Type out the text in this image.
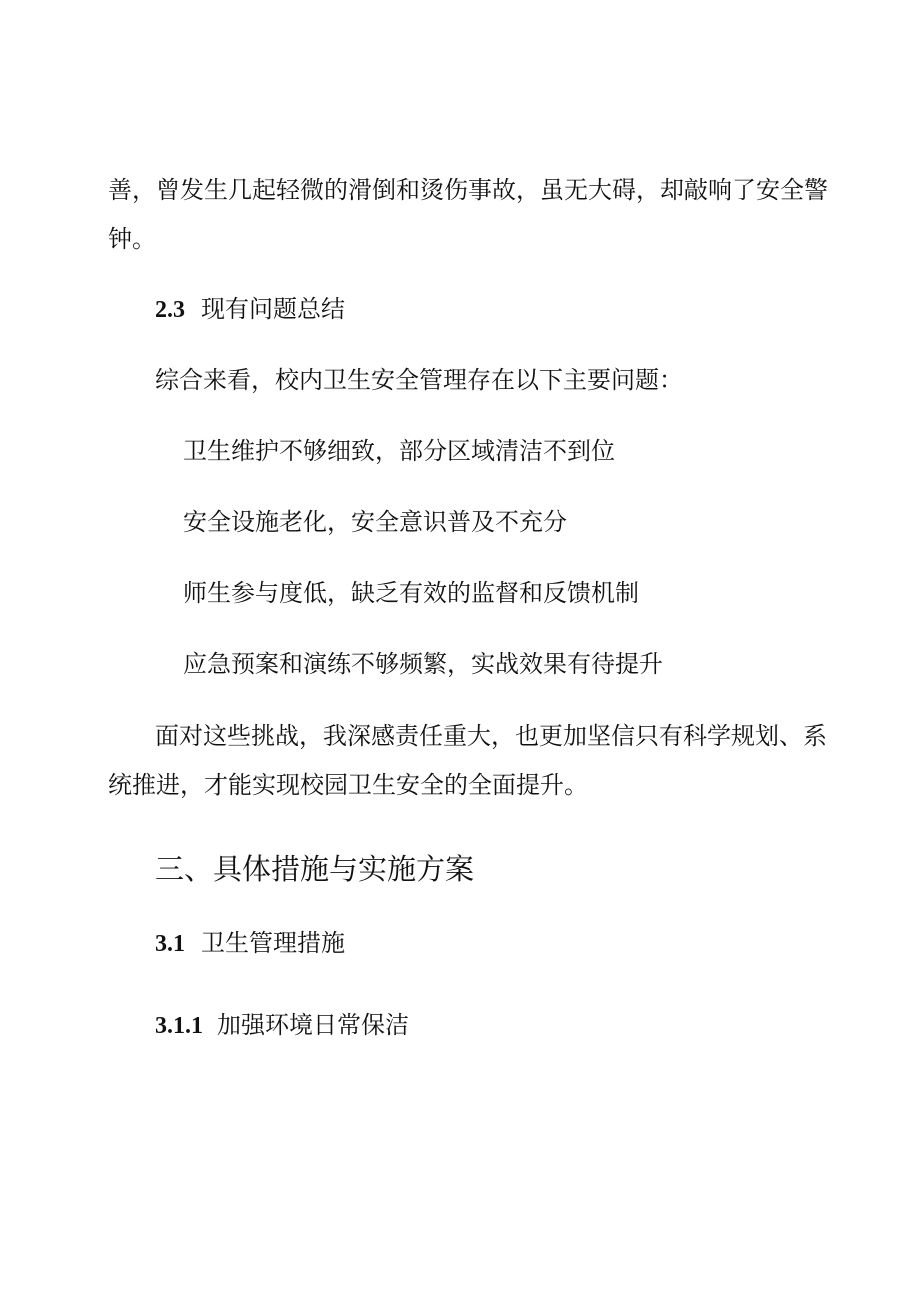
善，曾发生几起轻微的滑倒和烫伤事故，虽无大碍，却敲响了安全警
钟。
2.3 现有问题总结
综合来看，校内卫生安全管理存在以下主要问题：
卫生维护不够细致，部分区域清洁不到位
安全设施老化，安全意识普及不充分
师生参与度低，缺乏有效的监督和反馈机制
应急预案和演练不够频繁，实战效果有待提升
面对这些挑战，我深感责任重大，也更加坚信只有科学规划、系
统推进，才能实现校园卫生安全的全面提升。
三、具体措施与实施方案
3.1 卫生管理措施
3.1.1 加强环境日常保洁
